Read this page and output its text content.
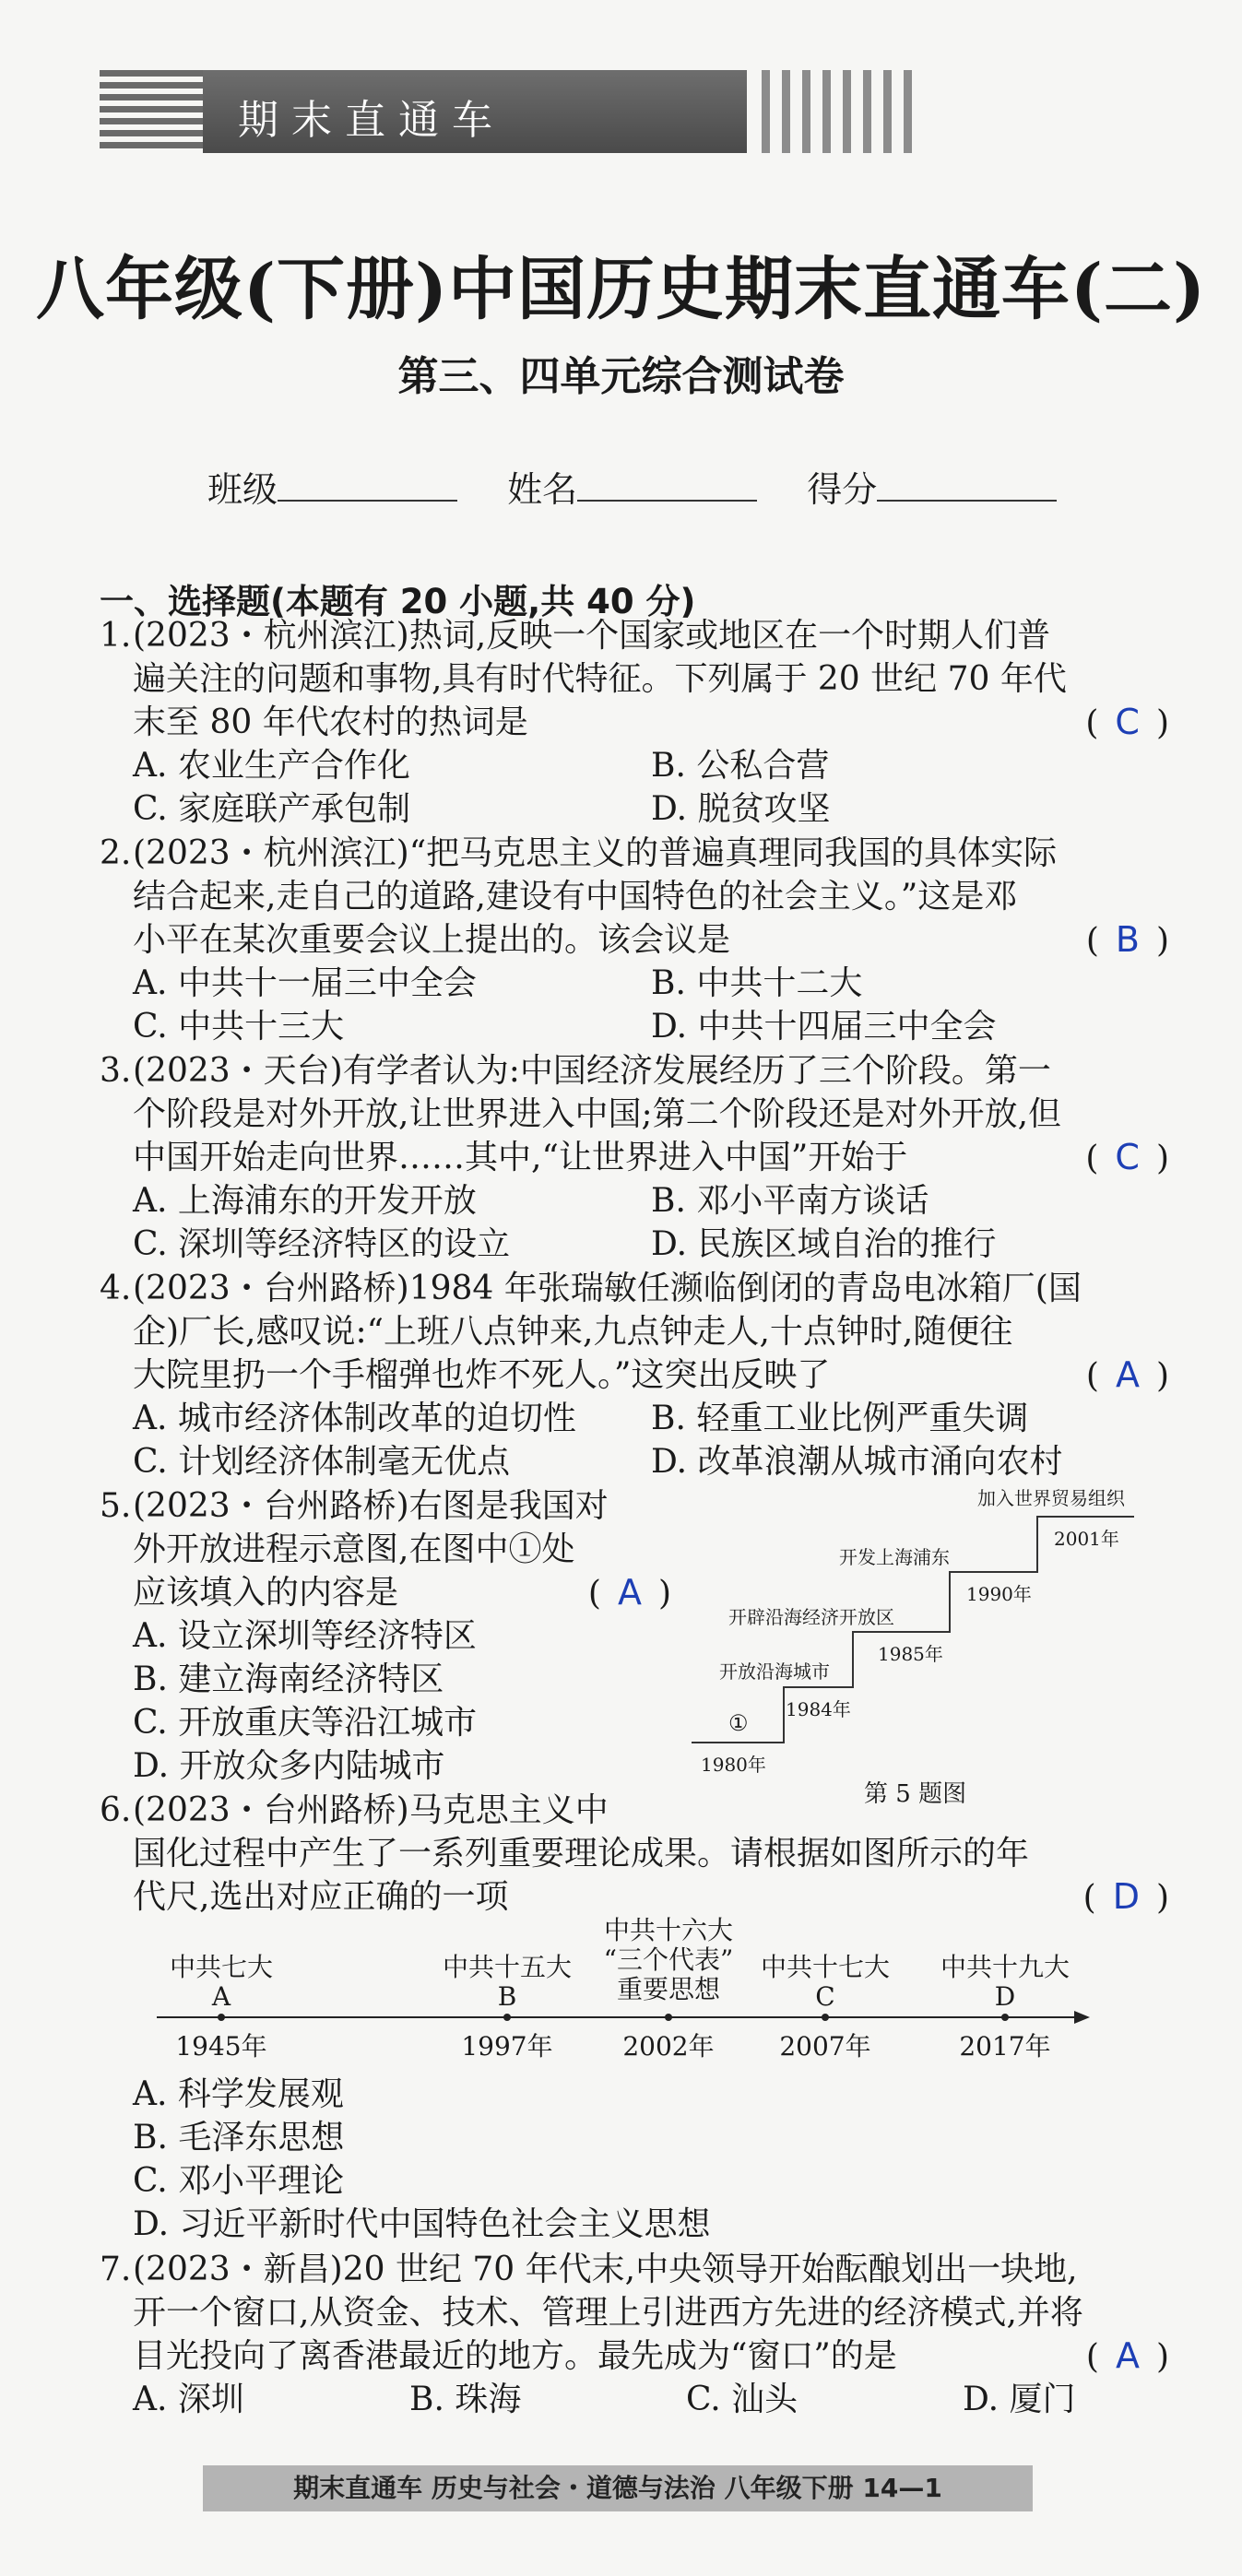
期末直通车
八年级(下册)中国历史期末直通车(二)
第三、四单元综合测试卷
班级	姓名	得分
一、选择题(本题有 20 小题,共 40 分)
1. (2023・杭州滨江)热词,反映一个国家或地区在一个时期人们普
遍关注的问题和事物,具有时代特征。下列属于 20 世纪 70 年代
末至 80 年代农村的热词是	( C )
A. 农业生产合作化	B. 公私合营
C. 家庭联产承包制	D. 脱贫攻坚
2. (2023・杭州滨江)“把马克思主义的普遍真理同我国的具体实际
结合起来,走自己的道路,建设有中国特色的社会主义。”这是邓
小平在某次重要会议上提出的。该会议是	( B )
A. 中共十一届三中全会	B. 中共十二大
C. 中共十三大	D. 中共十四届三中全会
3. (2023・天台)有学者认为:中国经济发展经历了三个阶段。第一
个阶段是对外开放,让世界进入中国;第二个阶段还是对外开放,但
中国开始走向世界……其中,“让世界进入中国”开始于	( C )
A. 上海浦东的开发开放	B. 邓小平南方谈话
C. 深圳等经济特区的设立	D. 民族区域自治的推行
4. (2023・台州路桥)1984 年张瑞敏任濒临倒闭的青岛电冰箱厂(国
企)厂长,感叹说:“上班八点钟来,九点钟走人,十点钟时,随便往
大院里扔一个手榴弹也炸不死人。”这突出反映了	( A )
A. 城市经济体制改革的迫切性	B. 轻重工业比例严重失调
C. 计划经济体制毫无优点	D. 改革浪潮从城市涌向农村
5. (2023・台州路桥)右图是我国对
外开放进程示意图,在图中①处
应该填入的内容是	( A )
A. 设立深圳等经济特区
B. 建立海南经济特区
C. 开放重庆等沿江城市
D. 开放众多内陆城市
①
1980年
开放沿海城市
1984年
开辟沿海经济开放区
1985年
开发上海浦东
1990年
加入世界贸易组织
2001年
第 5 题图
6. (2023・台州路桥)马克思主义中
国化过程中产生了一系列重要理论成果。请根据如图所示的年
代尺,选出对应正确的一项	( D )
中共七大
A
1945年
中共十五大
B
1997年
中共十六大
“三个代表”
重要思想
2002年
中共十七大
C
2007年
中共十九大
D
2017年
A. 科学发展观
B. 毛泽东思想
C. 邓小平理论
D. 习近平新时代中国特色社会主义思想
7. (2023・新昌)20 世纪 70 年代末,中央领导开始酝酿划出一块地,
开一个窗口,从资金、技术、管理上引进西方先进的经济模式,并将
目光投向了离香港最近的地方。最先成为“窗口”的是	( A )
A. 深圳	B. 珠海	C. 汕头	D. 厦门
期末直通车 历史与社会・道德与法治 八年级下册 14—1
